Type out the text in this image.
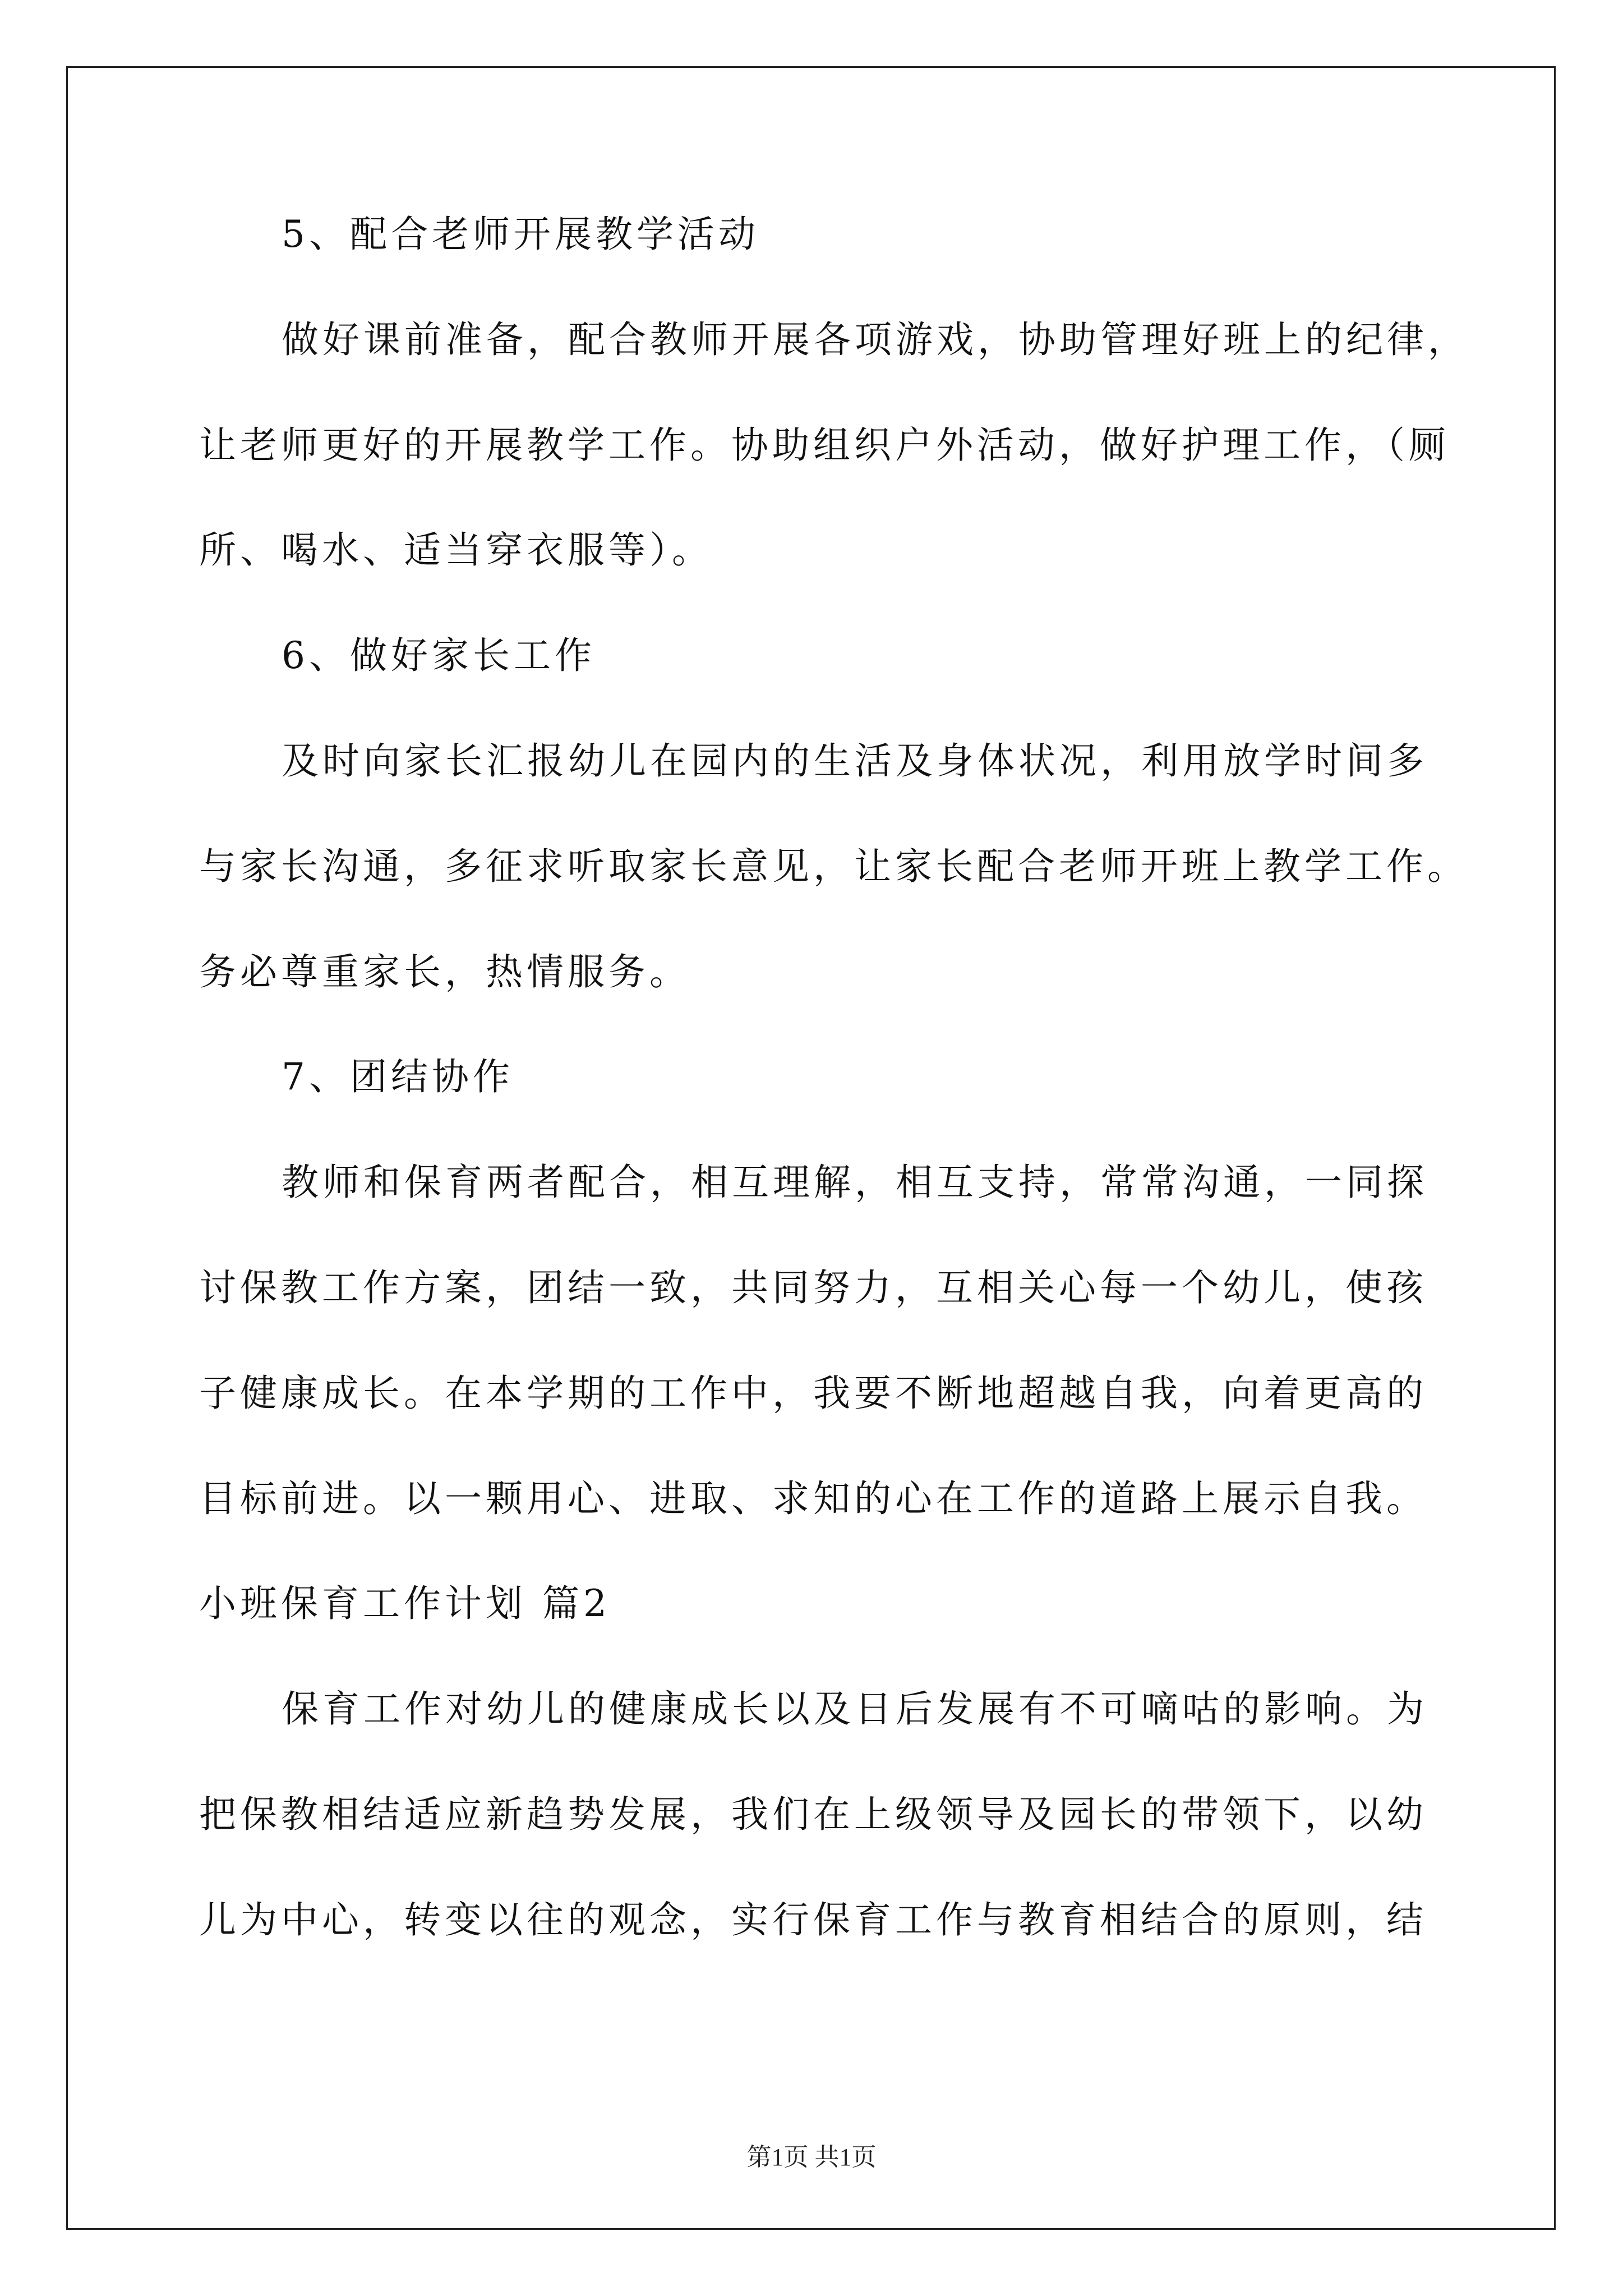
5、配合老师开展教学活动
做好课前准备，配合教师开展各项游戏，协助管理好班上的纪律，
让老师更好的开展教学工作。协助组织户外活动，做好护理工作，（厕
所、喝水、适当穿衣服等）。
6、做好家长工作
及时向家长汇报幼儿在园内的生活及身体状况，利用放学时间多
与家长沟通，多征求听取家长意见，让家长配合老师开班上教学工作。
务必尊重家长，热情服务。
7、团结协作
教师和保育两者配合，相互理解，相互支持，常常沟通，一同探
讨保教工作方案，团结一致，共同努力，互相关心每一个幼儿，使孩
子健康成长。在本学期的工作中，我要不断地超越自我，向着更高的
目标前进。以一颗用心、进取、求知的心在工作的道路上展示自我。
小班保育工作计划 篇2
保育工作对幼儿的健康成长以及日后发展有不可嘀咕的影响。为
把保教相结适应新趋势发展，我们在上级领导及园长的带领下，以幼
儿为中心，转变以往的观念，实行保育工作与教育相结合的原则，结
第1页 共1页
